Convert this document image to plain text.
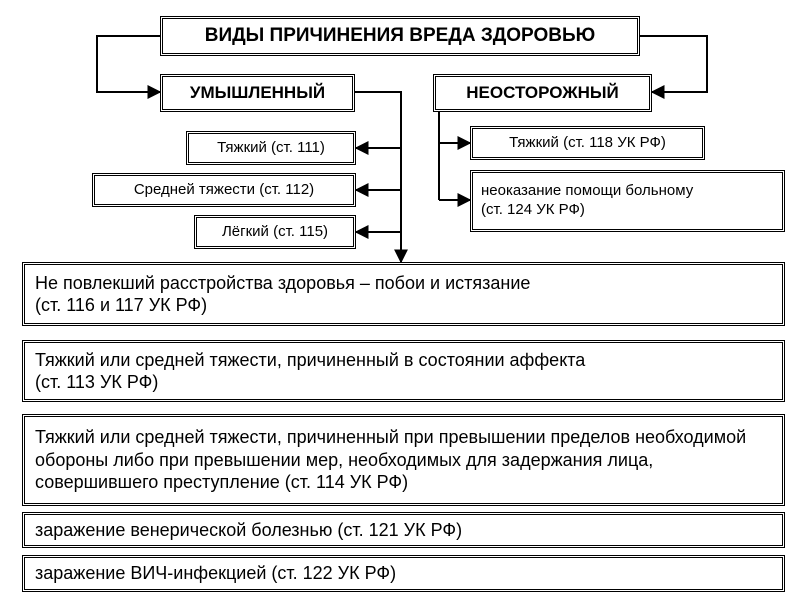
ВИДЫ ПРИЧИНЕНИЯ ВРЕДА ЗДОРОВЬЮ
УМЫШЛЕННЫЙ	НЕОСТОРОЖНЫЙ
Тяжкий (ст. 111)
Средней тяжести (ст. 112)
Лёгкий (ст. 115)
Тяжкий (ст. 118 УК РФ)
неоказание помощи больному
(ст. 124 УК РФ)
Не повлекший расстройства здоровья – побои и истязание
(ст. 116 и 117 УК РФ)
Тяжкий или средней тяжести, причиненный в состоянии аффекта
(ст. 113 УК РФ)
Тяжкий или средней тяжести, причиненный при превышении пределов необходимой обороны либо при превышении мер, необходимых для задержания лица, совершившего преступление (ст. 114 УК РФ)
заражение венерической болезнью (ст. 121 УК РФ)
заражение ВИЧ-инфекцией (ст. 122 УК РФ)
